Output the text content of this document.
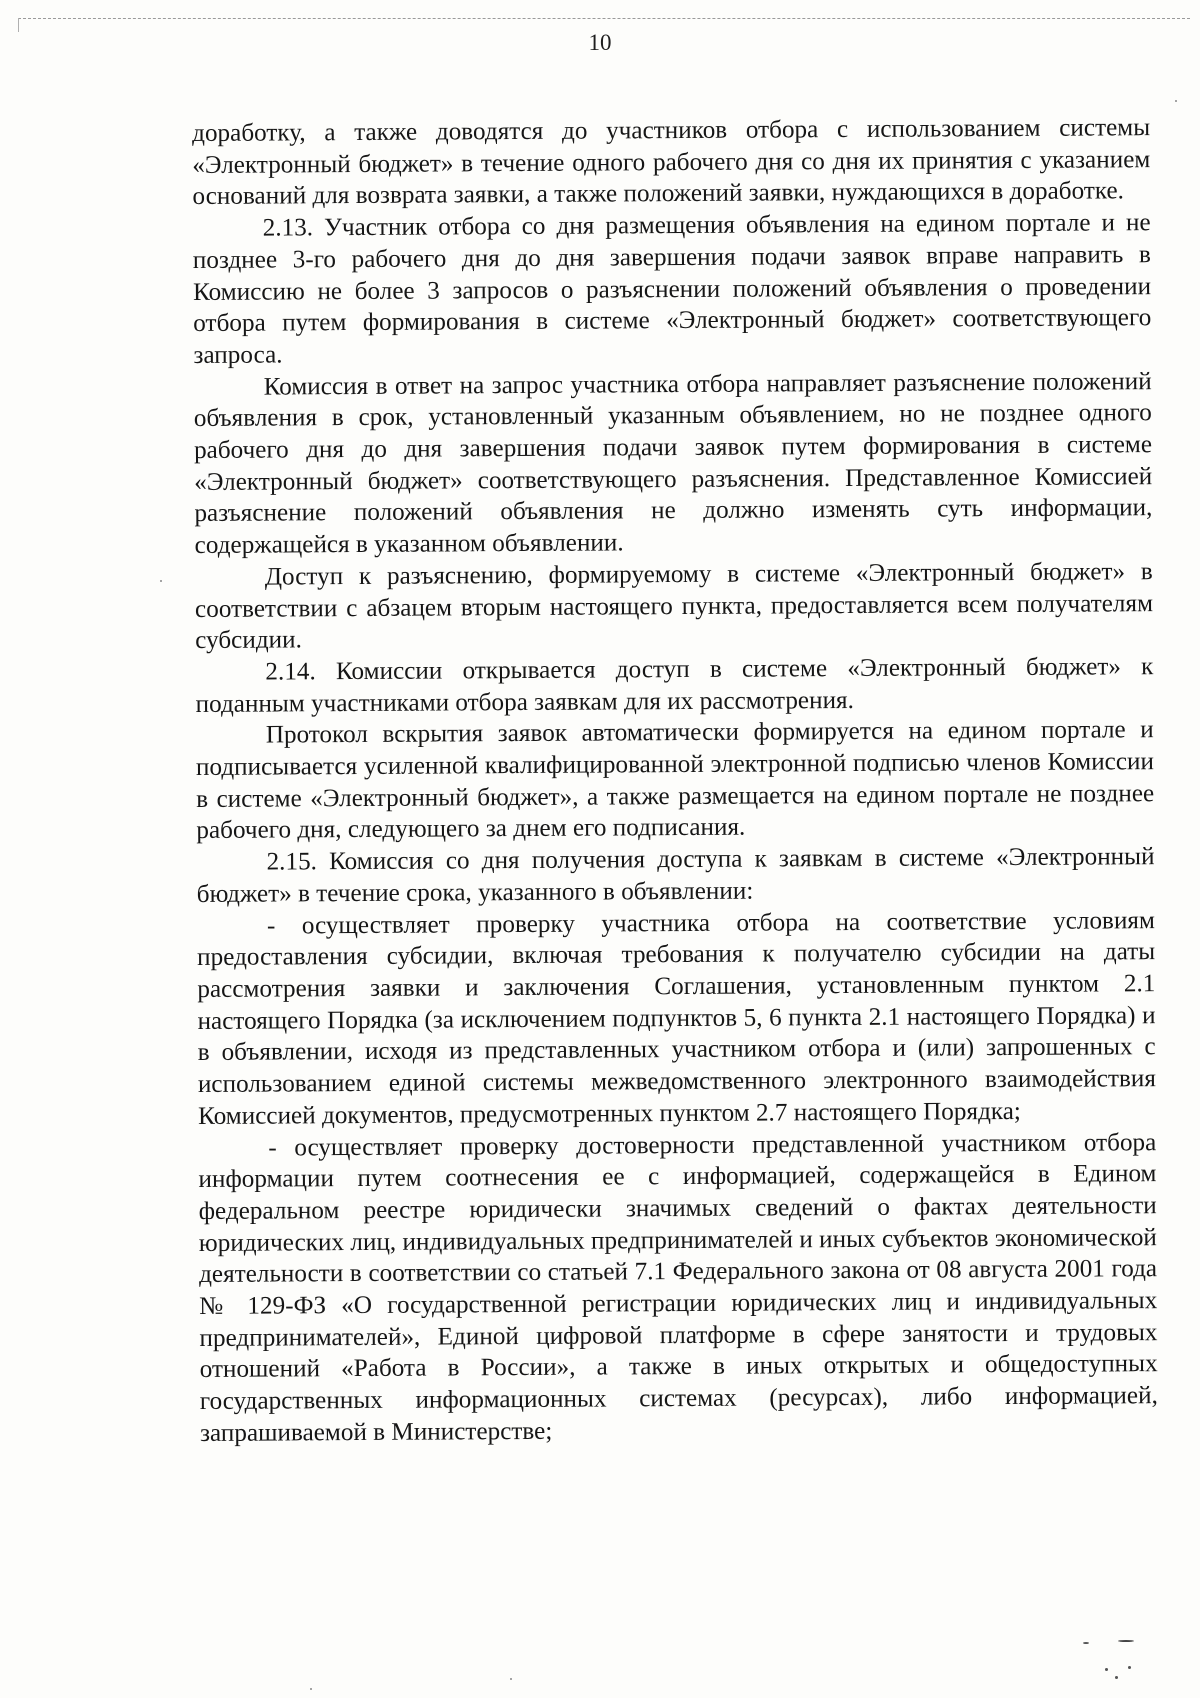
10

доработку, а также доводятся до участников отбора с использованием системы «Электронный бюджет» в течение одного рабочего дня со дня их принятия с указанием оснований для возврата заявки, а также положений заявки, нуждающихся в доработке.

2.13. Участник отбора со дня размещения объявления на едином портале и не позднее 3-го рабочего дня до дня завершения подачи заявок вправе направить в Комиссию не более 3 запросов о разъяснении положений объявления о проведении отбора путем формирования в системе «Электронный бюджет» соответствующего запроса.

Комиссия в ответ на запрос участника отбора направляет разъяснение положений объявления в срок, установленный указанным объявлением, но не позднее одного рабочего дня до дня завершения подачи заявок путем формирования в системе «Электронный бюджет» соответствующего разъяснения. Представленное Комиссией разъяснение положений объявления не должно изменять суть информации, содержащейся в указанном объявлении.

Доступ к разъяснению, формируемому в системе «Электронный бюджет» в соответствии с абзацем вторым настоящего пункта, предоставляется всем получателям субсидии.

2.14. Комиссии открывается доступ в системе «Электронный бюджет» к поданным участниками отбора заявкам для их рассмотрения.

Протокол вскрытия заявок автоматически формируется на едином портале и подписывается усиленной квалифицированной электронной подписью членов Комиссии в системе «Электронный бюджет», а также размещается на едином портале не позднее рабочего дня, следующего за днем его подписания.

2.15. Комиссия со дня получения доступа к заявкам в системе «Электронный бюджет» в течение срока, указанного в объявлении:

- осуществляет проверку участника отбора на соответствие условиям предоставления субсидии, включая требования к получателю субсидии на даты рассмотрения заявки и заключения Соглашения, установленным пунктом 2.1 настоящего Порядка (за исключением подпунктов 5, 6 пункта 2.1 настоящего Порядка) и в объявлении, исходя из представленных участником отбора и (или) запрошенных с использованием единой системы межведомственного электронного взаимодействия Комиссией документов, предусмотренных пунктом 2.7 настоящего Порядка;

- осуществляет проверку достоверности представленной участником отбора информации путем соотнесения ее с информацией, содержащейся в Едином федеральном реестре юридически значимых сведений о фактах деятельности юридических лиц, индивидуальных предпринимателей и иных субъектов экономической деятельности в соответствии со статьей 7.1 Федерального закона от 08 августа 2001 года № 129-ФЗ «О государственной регистрации юридических лиц и индивидуальных предпринимателей», Единой цифровой платформе в сфере занятости и трудовых отношений «Работа в России», а также в иных открытых и общедоступных государственных информационных системах (ресурсах), либо информацией, запрашиваемой в Министерстве;
